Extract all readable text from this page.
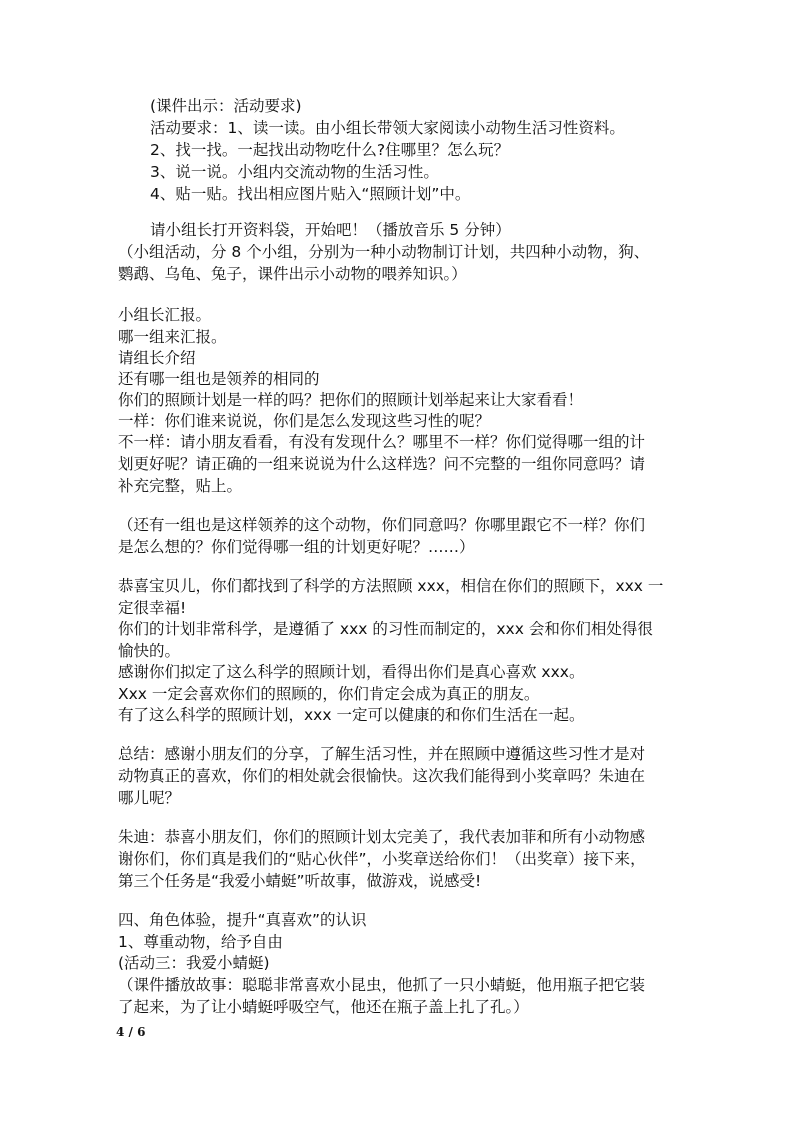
(课件出示：活动要求)
活动要求：1、读一读。由小组长带领大家阅读小动物生活习性资料。
2、找一找。一起找出动物吃什么?住哪里？怎么玩？
3、说一说。小组内交流动物的生活习性。
4、贴一贴。找出相应图片贴入“照顾计划”中。
请小组长打开资料袋，开始吧！（播放音乐 5 分钟）
（小组活动，分 8 个小组，分别为一种小动物制订计划，共四种小动物，狗、
鹦鹉、乌龟、兔子，课件出示小动物的喂养知识。）
小组长汇报。
哪一组来汇报。
请组长介绍
还有哪一组也是领养的相同的
你们的照顾计划是一样的吗？把你们的照顾计划举起来让大家看看！
一样：你们谁来说说，你们是怎么发现这些习性的呢？
不一样：请小朋友看看，有没有发现什么？哪里不一样？你们觉得哪一组的计
划更好呢？请正确的一组来说说为什么这样选？问不完整的一组你同意吗？请
补充完整，贴上。
（还有一组也是这样领养的这个动物，你们同意吗？你哪里跟它不一样？你们
是怎么想的？你们觉得哪一组的计划更好呢？……）
恭喜宝贝儿，你们都找到了科学的方法照顾 xxx，相信在你们的照顾下，xxx 一
定很幸福!
你们的计划非常科学，是遵循了 xxx 的习性而制定的，xxx 会和你们相处得很
愉快的。
感谢你们拟定了这么科学的照顾计划，看得出你们是真心喜欢 xxx。
Xxx 一定会喜欢你们的照顾的，你们肯定会成为真正的朋友。
有了这么科学的照顾计划，xxx 一定可以健康的和你们生活在一起。
总结：感谢小朋友们的分享，了解生活习性，并在照顾中遵循这些习性才是对
动物真正的喜欢，你们的相处就会很愉快。这次我们能得到小奖章吗？朱迪在
哪儿呢？
朱迪：恭喜小朋友们，你们的照顾计划太完美了，我代表加菲和所有小动物感
谢你们，你们真是我们的“贴心伙伴”，小奖章送给你们！（出奖章）接下来，
第三个任务是“我爱小蜻蜓”听故事，做游戏，说感受!
四、角色体验，提升“真喜欢”的认识
1、尊重动物，给予自由
(活动三：我爱小蜻蜓)
（课件播放故事：聪聪非常喜欢小昆虫，他抓了一只小蜻蜓，他用瓶子把它装
了起来，为了让小蜻蜓呼吸空气，他还在瓶子盖上扎了孔。）
4 / 6
